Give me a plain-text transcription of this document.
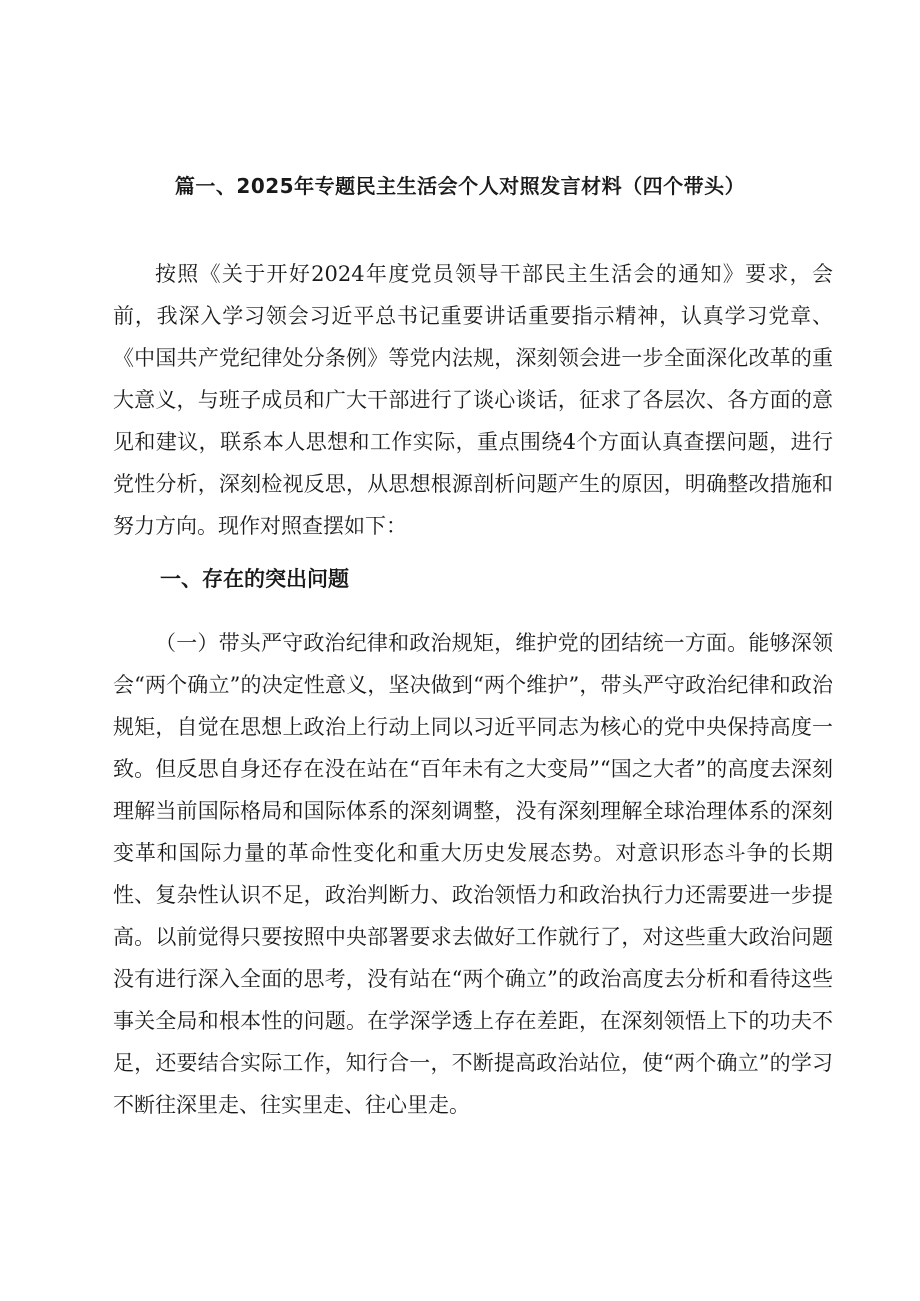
篇一、2025年专题民主生活会个人对照发言材料（四个带头）

按照《关于开好2024年度党员领导干部民主生活会的通知》要求，会前，我深入学习领会习近平总书记重要讲话重要指示精神，认真学习党章、《中国共产党纪律处分条例》等党内法规，深刻领会进一步全面深化改革的重大意义，与班子成员和广大干部进行了谈心谈话，征求了各层次、各方面的意见和建议，联系本人思想和工作实际，重点围绕4个方面认真查摆问题，进行党性分析，深刻检视反思，从思想根源剖析问题产生的原因，明确整改措施和努力方向。现作对照查摆如下：

一、存在的突出问题

（一）带头严守政治纪律和政治规矩，维护党的团结统一方面。能够深领会“两个确立”的决定性意义，坚决做到“两个维护”，带头严守政治纪律和政治规矩，自觉在思想上政治上行动上同以习近平同志为核心的党中央保持高度一致。但反思自身还存在没在站在“百年未有之大变局”“国之大者”的高度去深刻理解当前国际格局和国际体系的深刻调整，没有深刻理解全球治理体系的深刻变革和国际力量的革命性变化和重大历史发展态势。对意识形态斗争的长期性、复杂性认识不足，政治判断力、政治领悟力和政治执行力还需要进一步提高。以前觉得只要按照中央部署要求去做好工作就行了，对这些重大政治问题没有进行深入全面的思考，没有站在“两个确立”的政治高度去分析和看待这些事关全局和根本性的问题。在学深学透上存在差距，在深刻领悟上下的功夫不足，还要结合实际工作，知行合一，不断提高政治站位，使“两个确立”的学习不断往深里走、往实里走、往心里走。
